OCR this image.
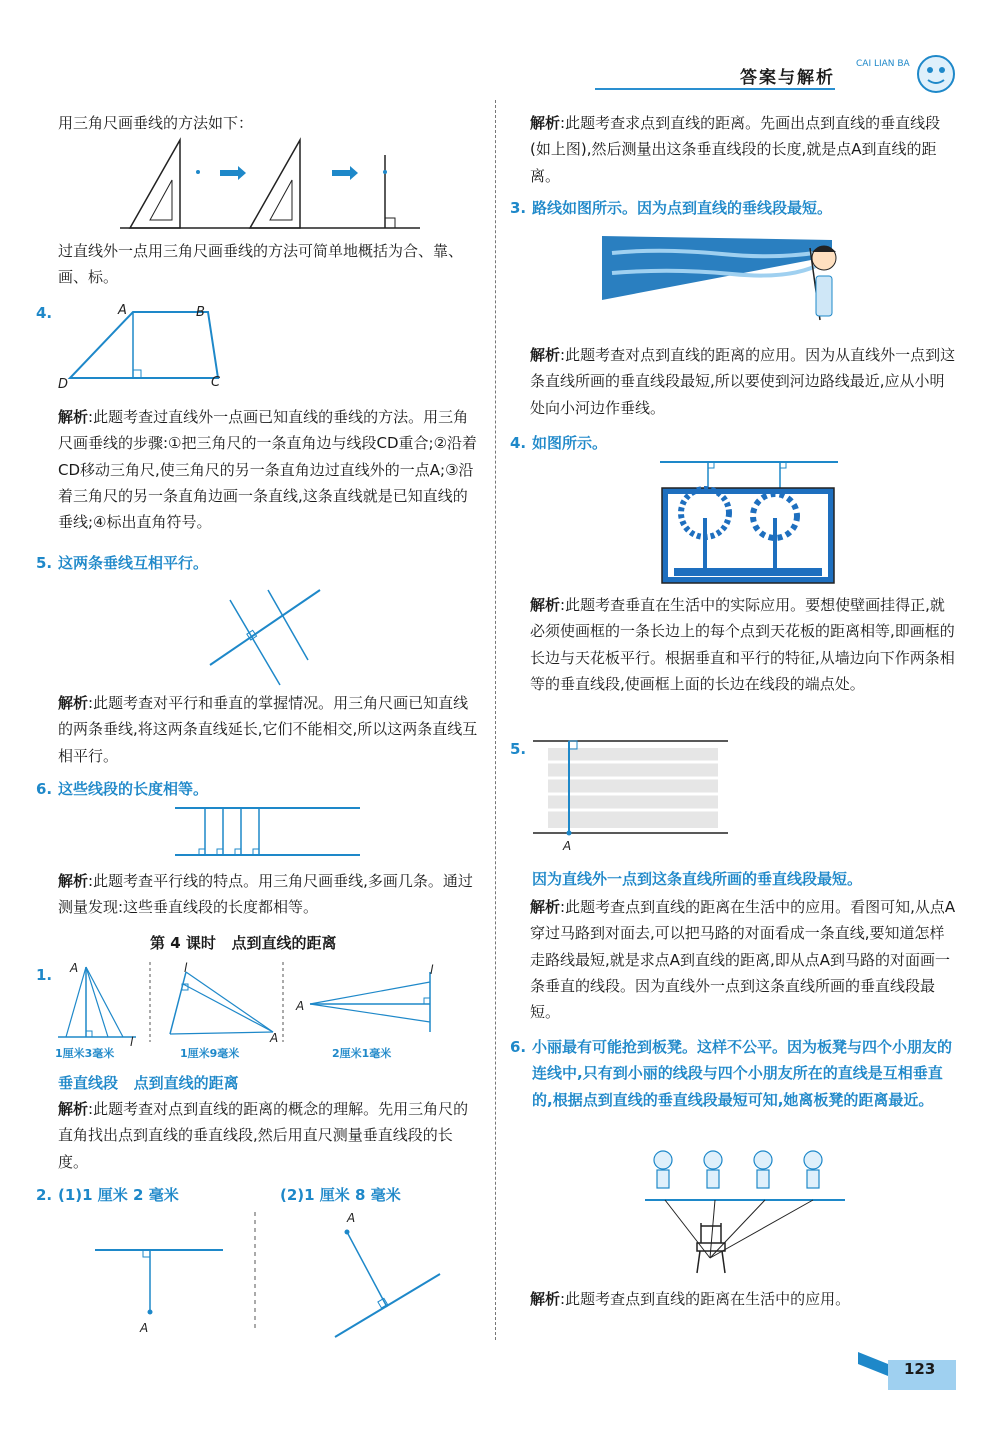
答案与解析
CAI LIAN BA

用三角尺画垂线的方法如下：

过直线外一点用三角尺画垂线的方法可简单地概括为合、靠、画、标。

4.	A	B
C
D

解析:此题考查过直线外一点画已知直线的垂线的方法。用三角尺画垂线的步骤:①把三角尺的一条直角边与线段CD重合;②沿着CD移动三角尺,使三角尺的另一条直角边过直线外的一点A;③沿着三角尺的另一条直角边画一条直线,这条直线就是已知直线的垂线;④标出直角符号。

5. 这两条垂线互相平行。

解析:此题考查对平行和垂直的掌握情况。用三角尺画已知直线的两条垂线,将这两条直线延长,它们不能相交,所以这两条直线互相平行。

6. 这些线段的长度相等。

解析:此题考查平行线的特点。用三角尺画垂线,多画几条。通过测量发现:这些垂直线段的长度都相等。

第 4 课时   点到直线的距离
1. A
l
l
A
A
l
1厘米3毫米	1厘米9毫米	2厘米1毫米
垂直线段   点到直线的距离

解析:此题考查对点到直线的距离的概念的理解。先用三角尺的直角找出点到直线的垂直线段,然后用直尺测量垂直线段的长度。

2. (1)1 厘米 2 毫米	(2)1 厘米 8 毫米
A
A

解析:此题考查求点到直线的距离。先画出点到直线的垂直线段(如上图),然后测量出这条垂直线段的长度,就是点A到直线的距离。

3. 路线如图所示。因为点到直线的垂线段最短。

解析:此题考查对点到直线的距离的应用。因为从直线外一点到这条直线所画的垂直线段最短,所以要使到河边路线最近,应从小明处向小河边作垂线。

4. 如图所示。

解析:此题考查垂直在生活中的实际应用。要想使壁画挂得正,就必须使画框的一条长边上的每个点到天花板的距离相等,即画框的长边与天花板平行。根据垂直和平行的特征,从墙边向下作两条相等的垂直线段,使画框上面的长边在线段的端点处。

5.
A
因为直线外一点到这条直线所画的垂直线段最短。

解析:此题考查点到直线的距离在生活中的应用。看图可知,从点A穿过马路到对面去,可以把马路的对面看成一条直线,要知道怎样走路线最短,就是求点A到直线的距离,即从点A到马路的对面画一条垂直的线段。因为直线外一点到这条直线所画的垂直线段最短。

6. 小丽最有可能抢到板凳。这样不公平。因为板凳与四个小朋友的连线中,只有到小丽的线段与四个小朋友所在的直线是互相垂直的,根据点到直线的垂直线段最短可知,她离板凳的距离最近。

解析:此题考查点到直线的距离在生活中的应用。

123
